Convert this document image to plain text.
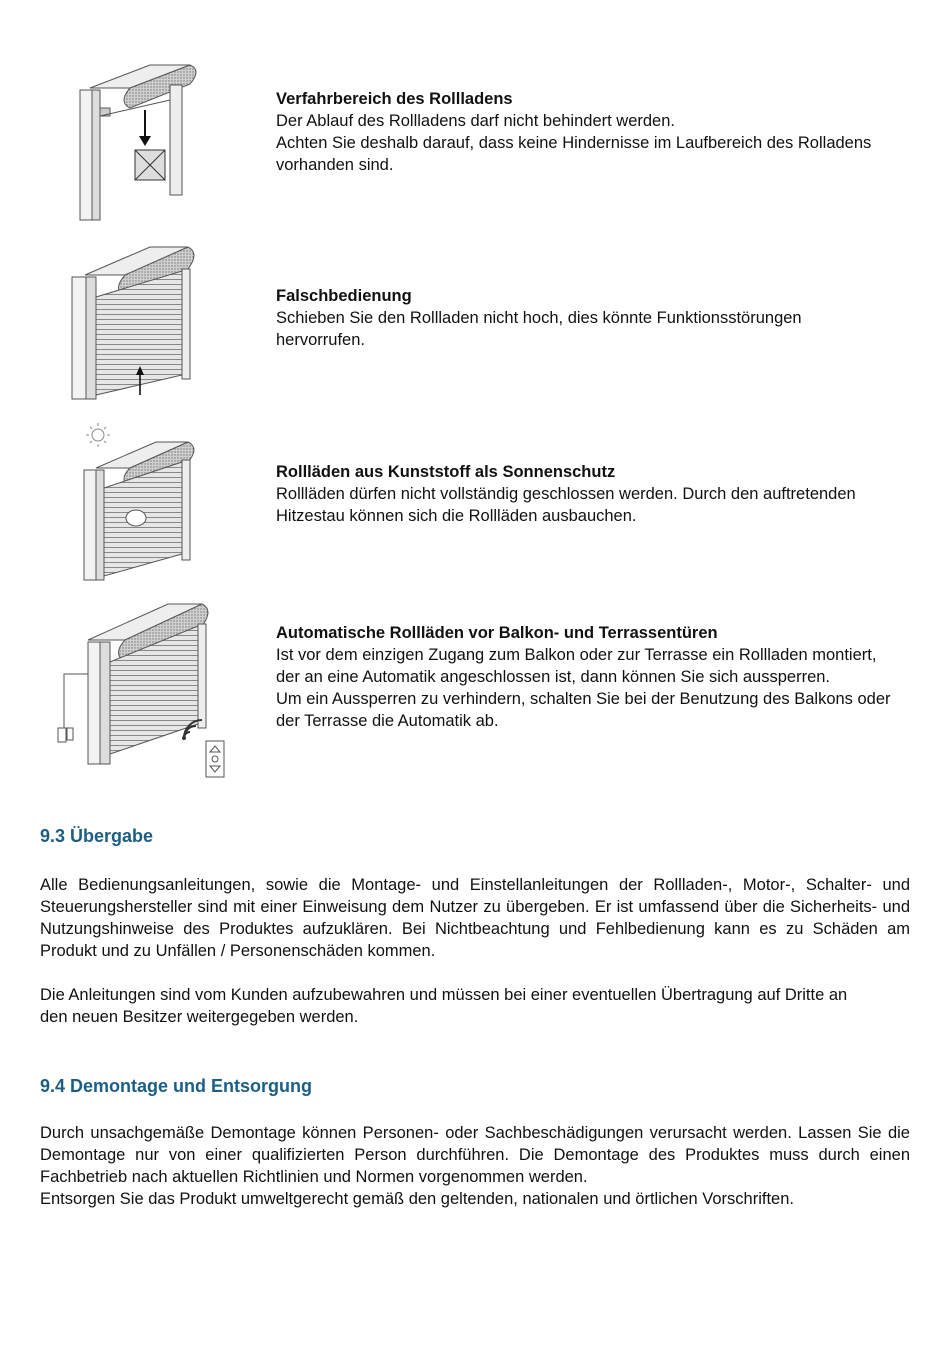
Verfahrbereich des Rollladens
Der Ablauf des Rollladens darf nicht behindert werden.
Achten Sie deshalb darauf, dass keine Hindernisse im Laufbereich des Rolladens vorhanden sind.
Falschbedienung
Schieben Sie den Rollladen nicht hoch, dies könnte Funktionsstörungen hervorrufen.
Rollläden aus Kunststoff als Sonnenschutz
Rollläden dürfen nicht vollständig geschlossen werden. Durch den auftretenden Hitzestau können sich die Rollläden ausbauchen.
Automatische Rollläden vor Balkon- und Terrassentüren
Ist vor dem einzigen Zugang zum Balkon oder zur Terrasse ein Rollladen montiert, der an eine Automatik angeschlossen ist, dann können Sie sich aussperren.
Um ein Aussperren zu verhindern, schalten Sie bei der Benutzung des Balkons oder der Terrasse die Automatik ab.
9.3 Übergabe
Alle Bedienungsanleitungen, sowie die Montage- und Einstellanleitungen der Rollladen-, Motor-, Schalter- und Steuerungshersteller sind mit einer Einweisung dem Nutzer zu übergeben. Er ist umfassend über die Sicherheits- und Nutzungshinweise des Produktes aufzuklären. Bei Nichtbeachtung und Fehlbedienung kann es zu Schäden am Produkt und zu Unfällen / Personenschäden kommen.
Die Anleitungen sind vom Kunden aufzubewahren und müssen bei einer eventuellen Übertragung auf Dritte an den neuen Besitzer weitergegeben werden.
9.4 Demontage und Entsorgung
Durch unsachgemäße Demontage können Personen- oder Sachbeschädigungen verursacht werden. Lassen Sie die Demontage nur von einer qualifizierten Person durchführen. Die Demontage des Produktes muss durch einen Fachbetrieb nach aktuellen Richtlinien und Normen vorgenommen werden.
Entsorgen Sie das Produkt umweltgerecht gemäß den geltenden, nationalen und örtlichen Vorschriften.
